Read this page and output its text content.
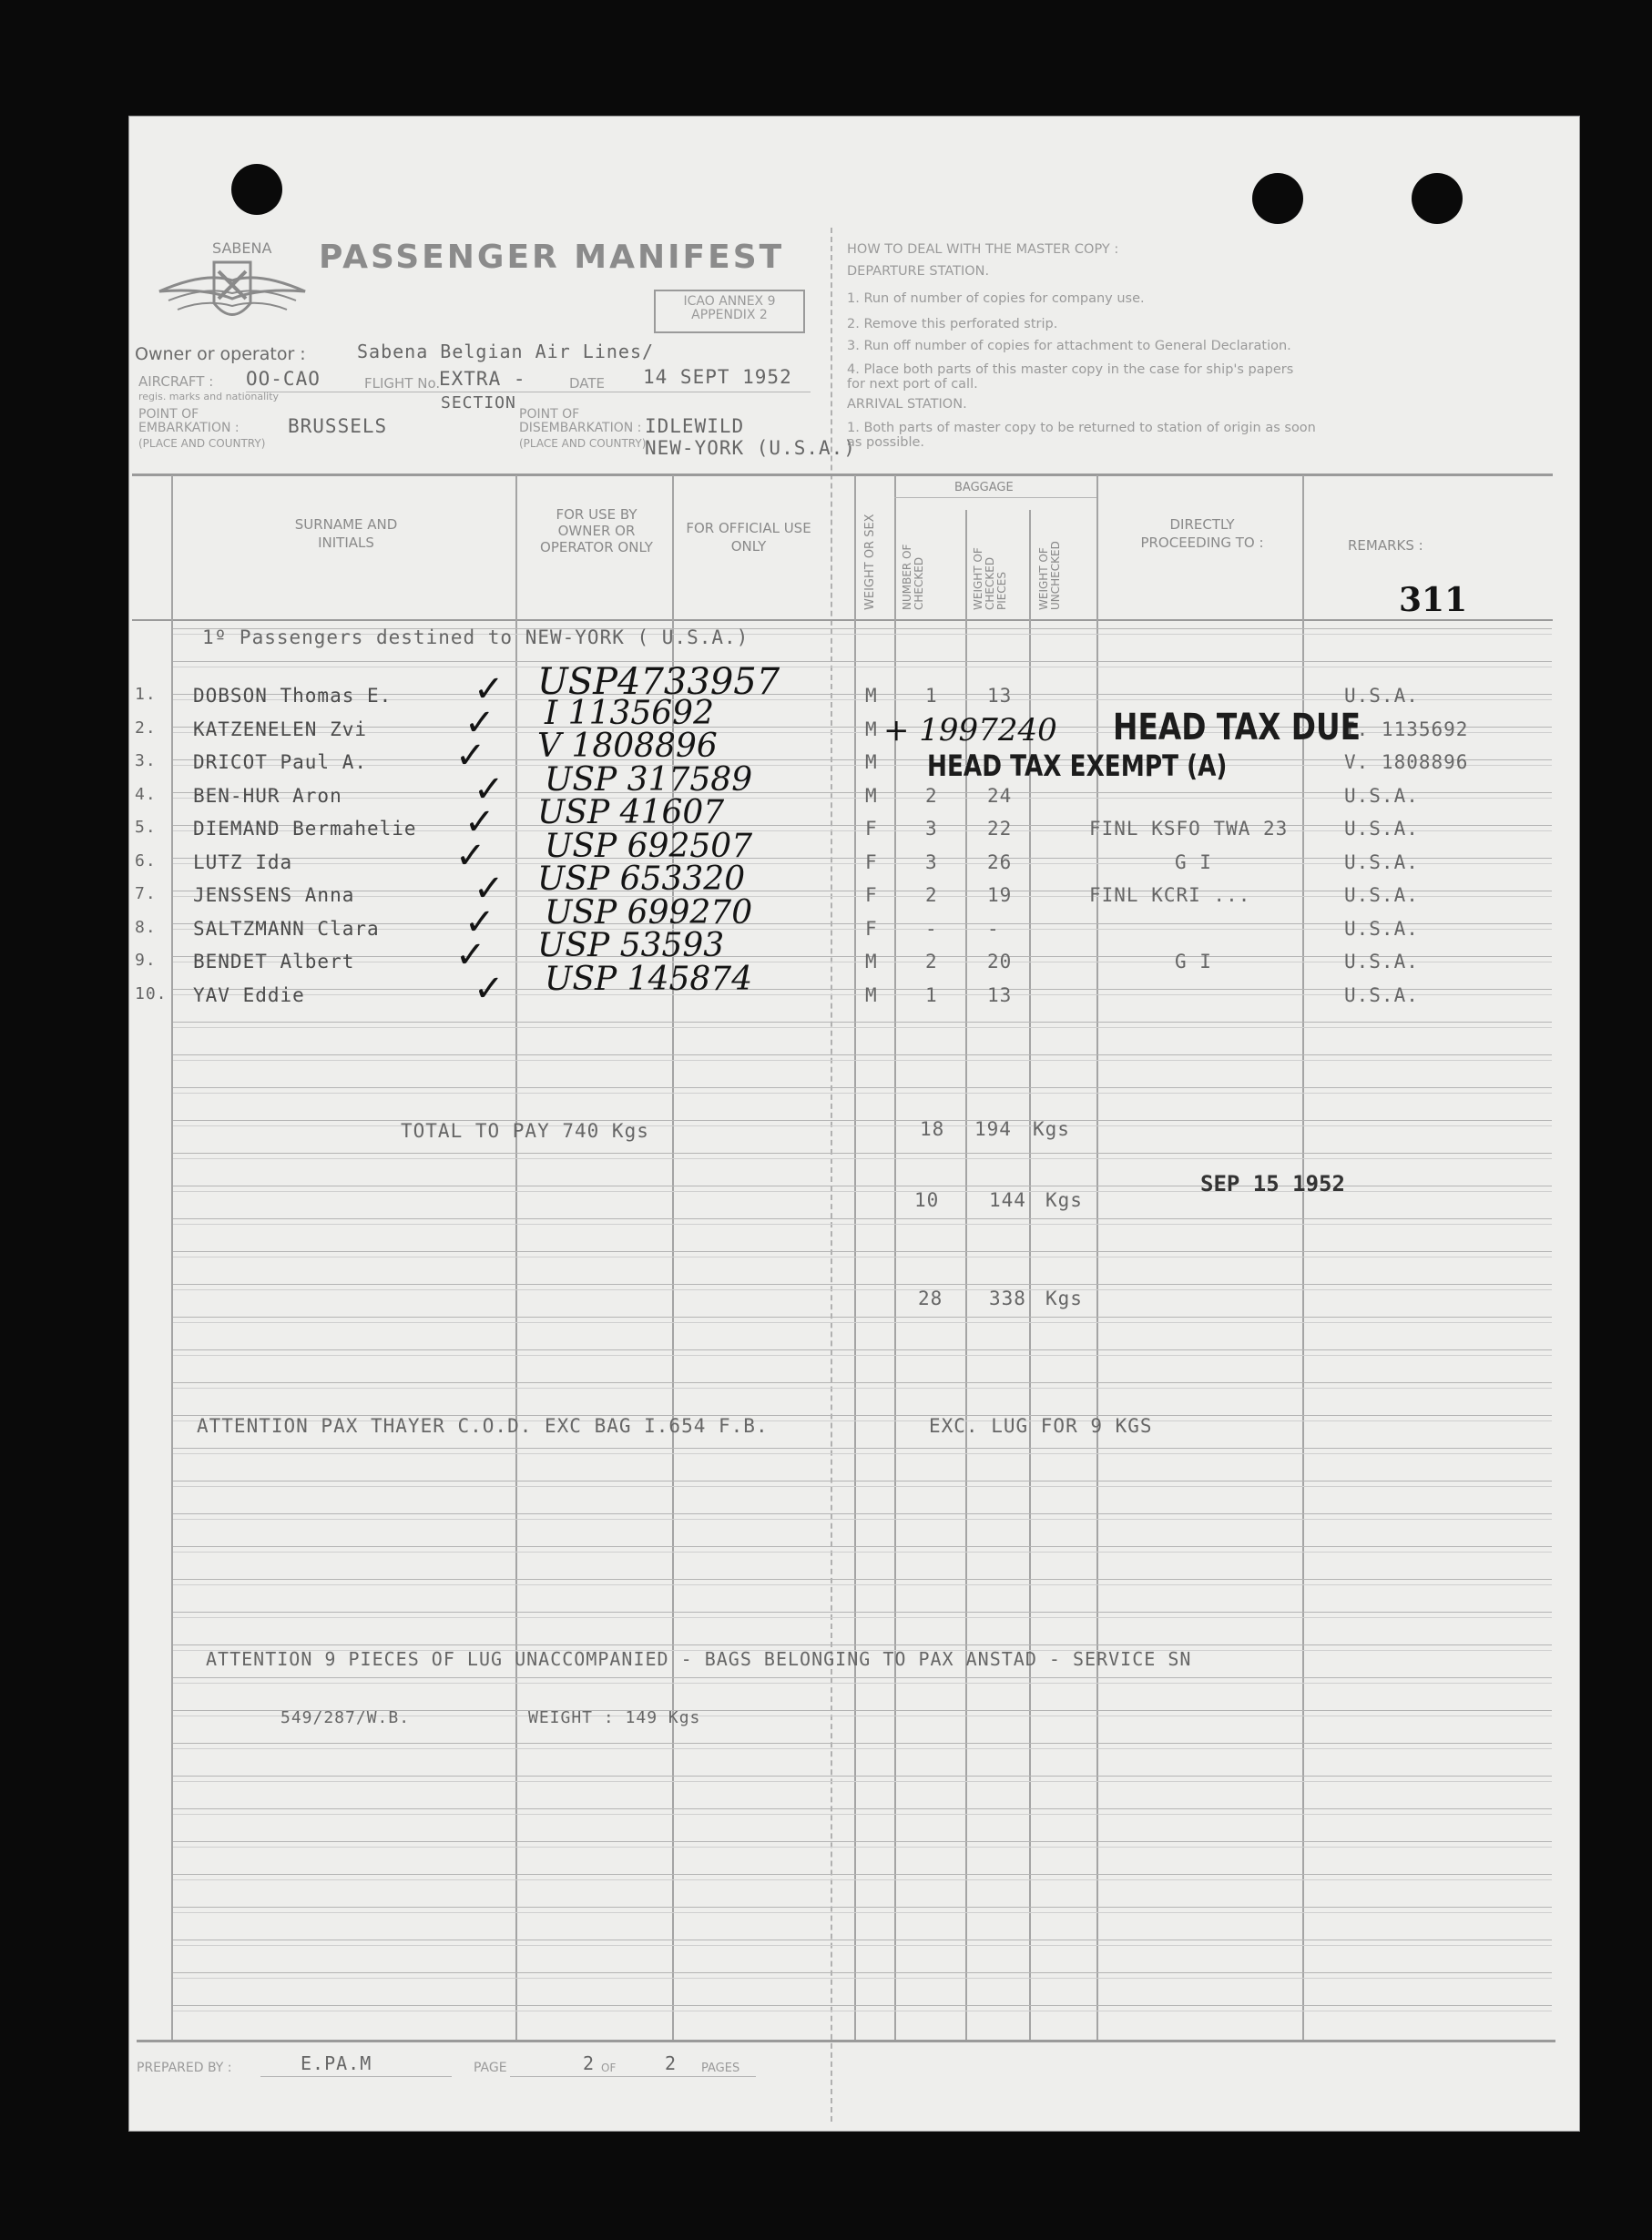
SABENA PASSENGER MANIFEST
ICAO ANNEX 9
APPENDIX 2
Owner or operator :	Sabena Belgian Air Lines/
AIRCRAFT :
regis. marks and nationality
OO-CAO	FLIGHT No.
EXTRA -
SECTION
DATE 14 SEPT 1952
POINT OF EMBARKATION :
(PLACE AND COUNTRY)
BRUSSELS
POINT OF DISEMBARKATION :
(PLACE AND COUNTRY)
IDLEWILD
NEW-YORK (U.S.A.)
HOW TO DEAL WITH THE MASTER COPY :
DEPARTURE STATION.
1. Run of number of copies for company use.
2. Remove this perforated strip.
3. Run off number of copies for attachment to General Declaration.
4. Place both parts of this master copy in the case for ship's papers
for next port of call.
ARRIVAL STATION.
1. Both parts of master copy to be returned to station of origin as soon
as possible.
SURNAME AND INITIALS
FOR USE BY OWNER OR OPERATOR ONLY
FOR OFFICIAL USE ONLY	WEIGHT OR SEX
BAGGAGE
NUMBER OF CHECKED	WEIGHT OF CHECKED PIECES	WEIGHT OF UNCHECKED
DIRECTLY PROCEEDING TO :	REMARKS :
311
1º Passengers destined to NEW-YORK ( U.S.A.)
1. DOBSON Thomas E. ✓ USP4733957	M 1	13	U.S.A.
2. KATZENELEN Zvi	✓ I 1135692	M	I. 1135692
3. DRICOT Paul A. ✓ V 1808896	M	V. 1808896
4. BEN-HUR Aron	✓ USP 317589	M 2	24	U.S.A.
5. DIEMAND Bermahelie ✓ USP 41607	F 3	22	FINL KSFO TWA 23	U.S.A.
6. LUTZ Ida	✓ USP 692507	F 3	26	G I	U.S.A.
7. JENSSENS Anna	✓ USP 653320	F 2	19	FINL KCRI ...	U.S.A.
8. SALTZMANN Clara ✓ USP 699270	F -	-	U.S.A.
9. BENDET Albert	✓ USP 53593	M 2	20	G I	U.S.A.
10. YAV Eddie	✓ USP 145874	M 1	13	U.S.A.
+ 1997240 HEAD TAX DUE
HEAD TAX EXEMPT (A)
SEP 15 1952
TOTAL TO PAY 740 Kgs	18 194 Kgs
10	144 Kgs
28 338 Kgs
ATTENTION PAX THAYER C.O.D. EXC BAG I.654 F.B.	EXC. LUG FOR 9 KGS
ATTENTION 9 PIECES OF LUG UNACCOMPANIED - BAGS BELONGING TO PAX ANSTAD - SERVICE SN
549/287/W.B.	WEIGHT : 149 Kgs
PREPARED BY :	E.PA.M	PAGE	2 OF	2 PAGES
